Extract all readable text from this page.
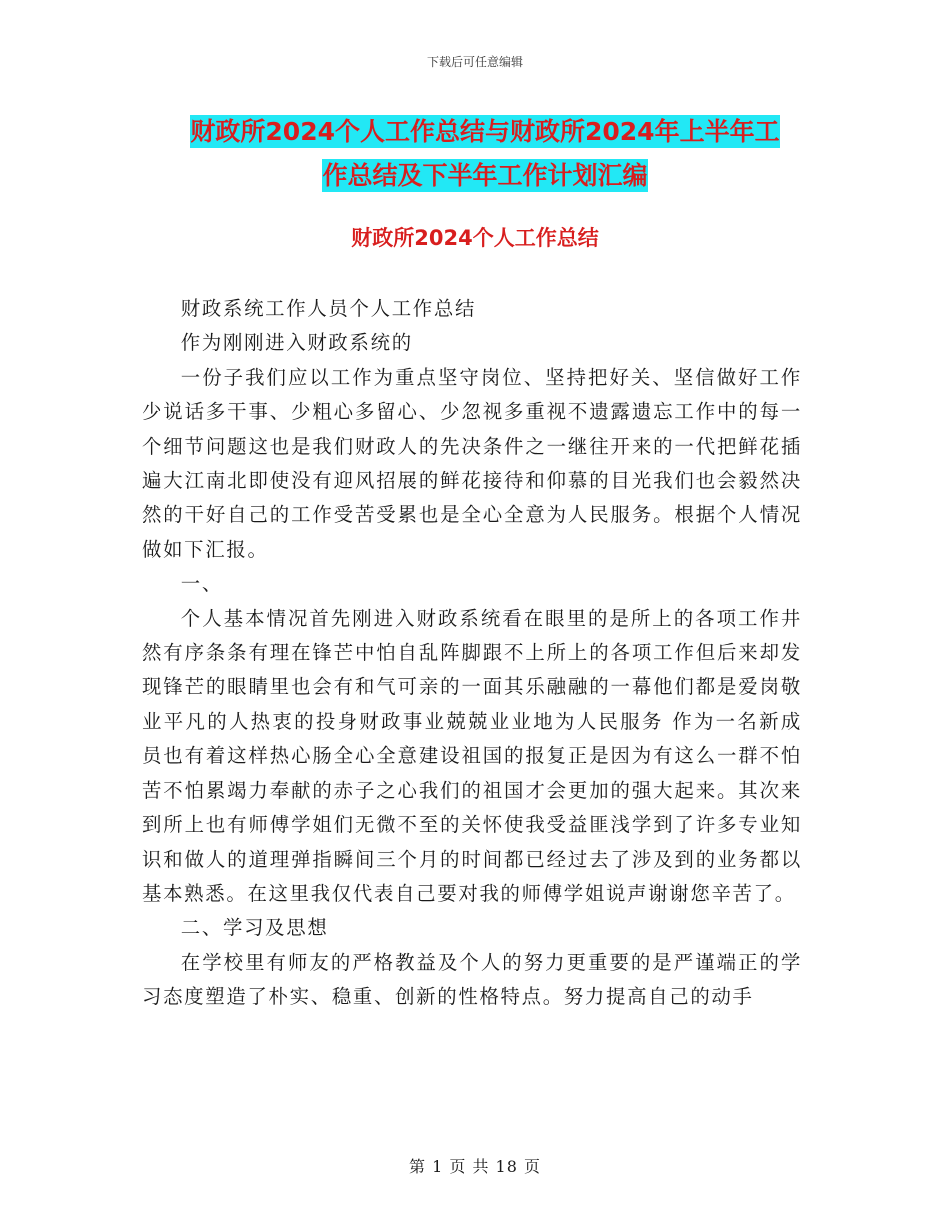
下载后可任意编辑
财政所2024个人工作总结与财政所2024年上半年工
作总结及下半年工作计划汇编
财政所2024个人工作总结

财政系统工作人员个人工作总结

作为刚刚进入财政系统的

一份子我们应以工作为重点坚守岗位、坚持把好关、坚信做好工作少说话多干事、少粗心多留心、少忽视多重视不遗露遗忘工作中的每一个细节问题这也是我们财政人的先决条件之一继往开来的一代把鲜花插遍大江南北即使没有迎风招展的鲜花接待和仰慕的目光我们也会毅然决然的干好自己的工作受苦受累也是全心全意为人民服务。根据个人情况做如下汇报。

一、

个人基本情况首先刚进入财政系统看在眼里的是所上的各项工作井然有序条条有理在锋芒中怕自乱阵脚跟不上所上的各项工作但后来却发现锋芒的眼睛里也会有和气可亲的一面其乐融融的一幕他们都是爱岗敬业平凡的人热衷的投身财政事业兢兢业业地为人民服务 作为一名新成员也有着这样热心肠全心全意建设祖国的报复正是因为有这么一群不怕苦不怕累竭力奉献的赤子之心我们的祖国才会更加的强大起来。其次来到所上也有师傅学姐们无微不至的关怀使我受益匪浅学到了许多专业知识和做人的道理弹指瞬间三个月的时间都已经过去了涉及到的业务都以基本熟悉。在这里我仅代表自己要对我的师傅学姐说声谢谢您辛苦了。

二、学习及思想

在学校里有师友的严格教益及个人的努力更重要的是严谨端正的学习态度塑造了朴实、稳重、创新的性格特点。努力提高自己的动手

第 1 页 共 18 页
